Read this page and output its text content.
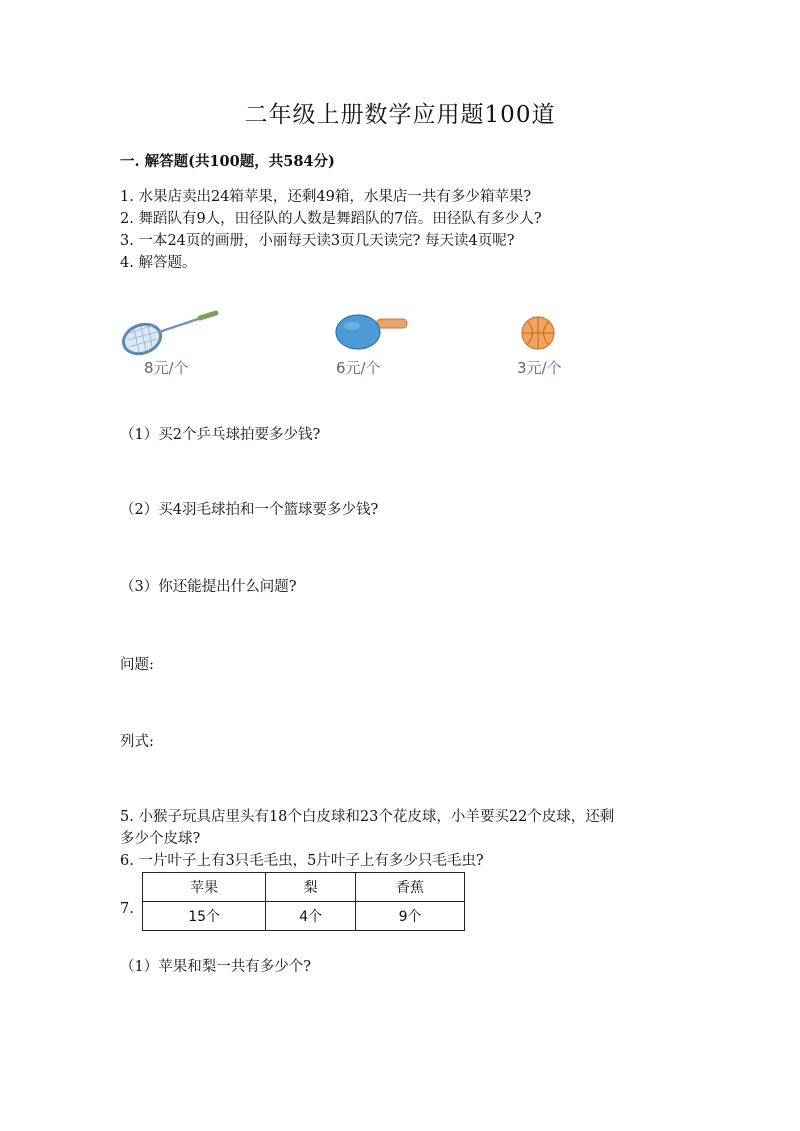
二年级上册数学应用题100道
一. 解答题(共100题，共584分)
1. 水果店卖出24箱苹果，还剩49箱，水果店一共有多少箱苹果?
2. 舞蹈队有9人，田径队的人数是舞蹈队的7倍。田径队有多少人?
3. 一本24页的画册，小丽每天读3页几天读完? 每天读4页呢?
4. 解答题。
8元/个	6元/个	3元/个
（1）买2个乒乓球拍要多少钱?
（2）买4羽毛球拍和一个篮球要多少钱?
（3）你还能提出什么问题?
问题:
列式:
5. 小猴子玩具店里头有18个白皮球和23个花皮球，小羊要买22个皮球，还剩
多少个皮球?
6. 一片叶子上有3只毛毛虫，5片叶子上有多少只毛毛虫?
7.
苹果	梨	香蕉
15个	4个	9个
（1）苹果和梨一共有多少个?
